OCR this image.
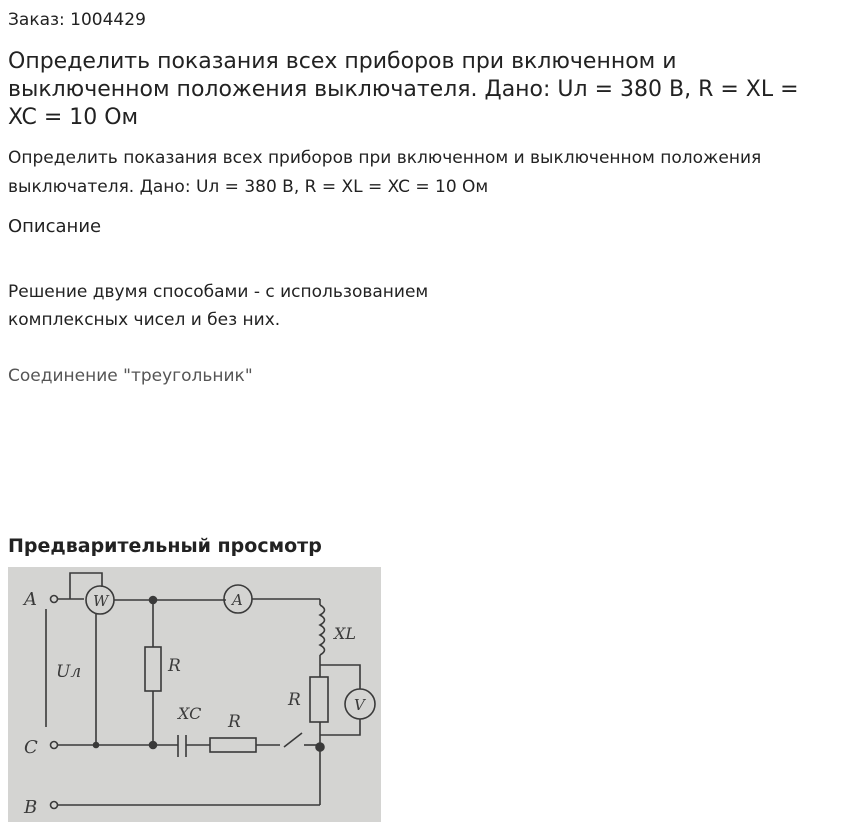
Заказ: 1004429
Определить показания всех приборов при включенном и выключенном положения выключателя. Дано: Uл = 380 В, R = XL = XC = 10 Ом
Определить показания всех приборов при включенном и выключенном положения выключателя. Дано: Uл = 380 В, R = XL = XC = 10 Ом
Описание
Решение двумя способами - с использованием комплексных чисел и без них.
Соединение "треугольник"
Предварительный просмотр
A
C
B
W	A
V
Uл	R
XL
R
XC R
